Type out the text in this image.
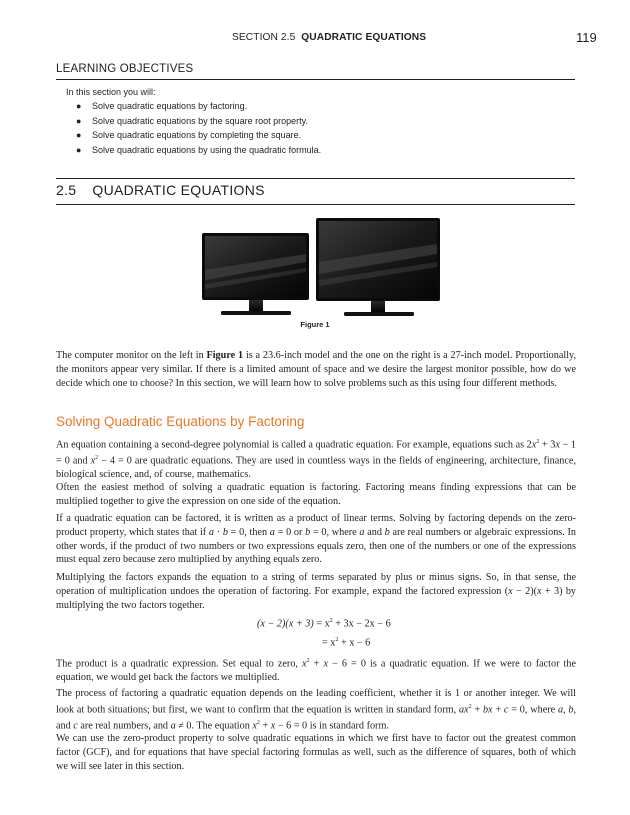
SECTION 2.5 QUADRATIC EQUATIONS	119
LEARNING OBJECTIVES
In this section you will:
● Solve quadratic equations by factoring.
● Solve quadratic equations by the square root property.
● Solve quadratic equations by completing the square.
● Solve quadratic equations by using the quadratic formula.
2.5 QUADRATIC EQUATIONS
Figure 1

The computer monitor on the left in Figure 1 is a 23.6-inch model and the one on the right is a 27-inch model. Proportionally, the monitors appear very similar. If there is a limited amount of space and we desire the largest monitor possible, how do we decide which one to choose? In this section, we will learn how to solve problems such as this using four different methods.

Solving Quadratic Equations by Factoring

An equation containing a second-degree polynomial is called a quadratic equation. For example, equations such as $2x^2 + 3x - 1 = 0$ and $x^2 - 4 = 0$ are quadratic equations. They are used in countless ways in the fields of engineering, architecture, finance, biological science, and, of course, mathematics.

Often the easiest method of solving a quadratic equation is factoring. Factoring means finding expressions that can be multiplied together to give the expression on one side of the equation.

If a quadratic equation can be factored, it is written as a product of linear terms. Solving by factoring depends on the zero-product property, which states that if a · b = 0, then a = 0 or b = 0, where a and b are real numbers or algebraic expressions. In other words, if the product of two numbers or two expressions equals zero, then one of the numbers or one of the expressions must equal zero because zero multiplied by anything equals zero.

Multiplying the factors expands the equation to a string of terms separated by plus or minus signs. So, in that sense, the operation of multiplication undoes the operation of factoring. For example, expand the factored expression (x − 2)(x + 3) by multiplying the two factors together.

$(x - 2)(x + 3) = x^2 + 3x - 2x - 6$
= $x^2 + x - 6$

The product is a quadratic expression. Set equal to zero, $x^2 + x - 6 = 0$ is a quadratic equation. If we were to factor the equation, we would get back the factors we multiplied.

The process of factoring a quadratic equation depends on the leading coefficient, whether it is 1 or another integer. We will look at both situations; but first, we want to confirm that the equation is written in standard form, $ax^2$ + bx + c = 0, where a, b, and c are real numbers, and a ≠ 0. The equation $x^2 + x - 6 = 0$ is in standard form.

We can use the zero-product property to solve quadratic equations in which we first have to factor out the greatest common factor (GCF), and for equations that have special factoring formulas as well, such as the difference of squares, both of which we will see later in this section.
